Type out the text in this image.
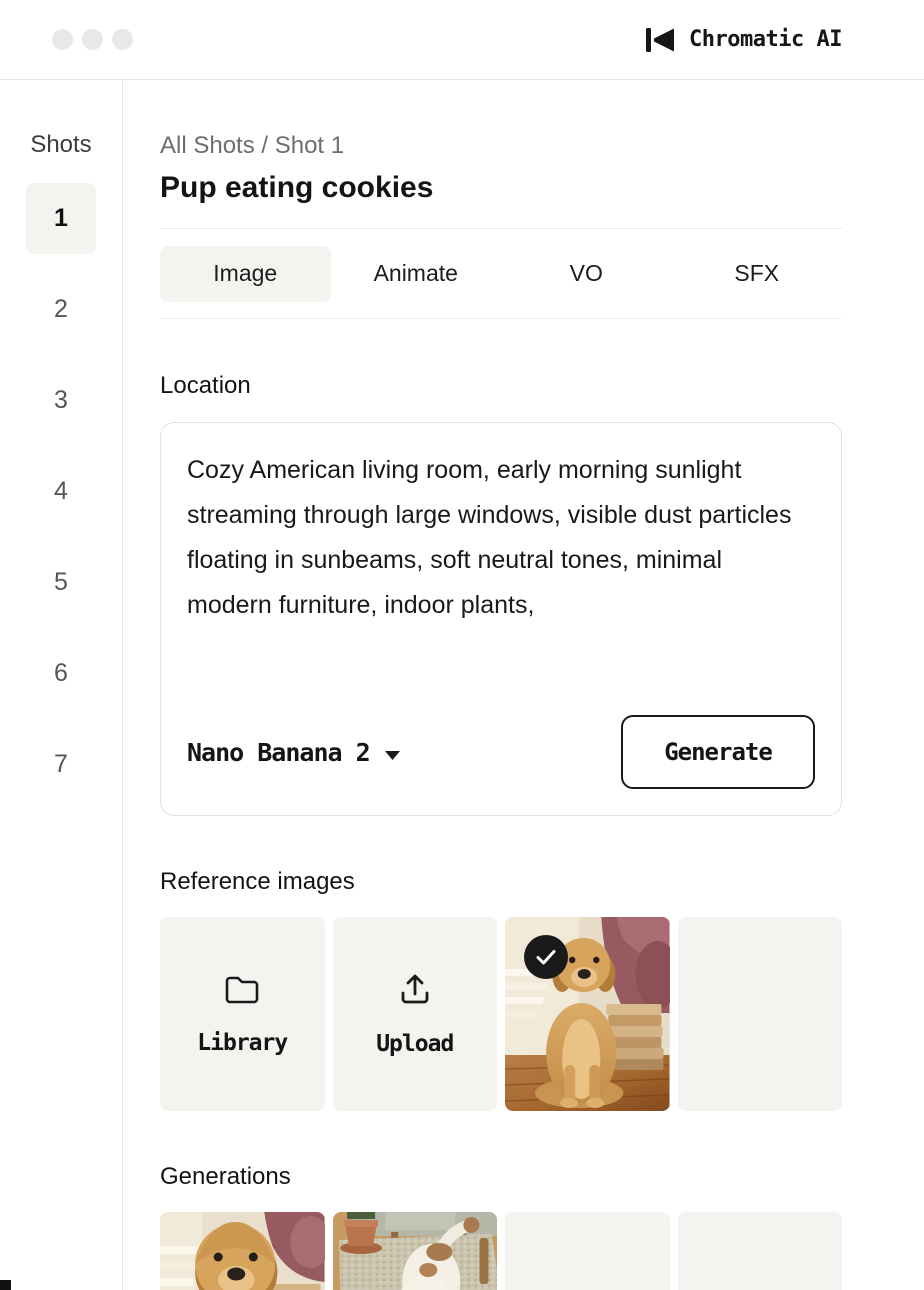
Chromatic AI
Shots
1
2
3
4
5
6
7
All Shots / Shot 1
Pup eating cookies
Image	Animate	VO	SFX
Location
Cozy American living room, early morning sunlight streaming through large windows, visible dust particles floating in sunbeams, soft neutral tones, minimal modern furniture, indoor plants,
Nano Banana 2	Generate
Reference images
Library	Upload
Generations
